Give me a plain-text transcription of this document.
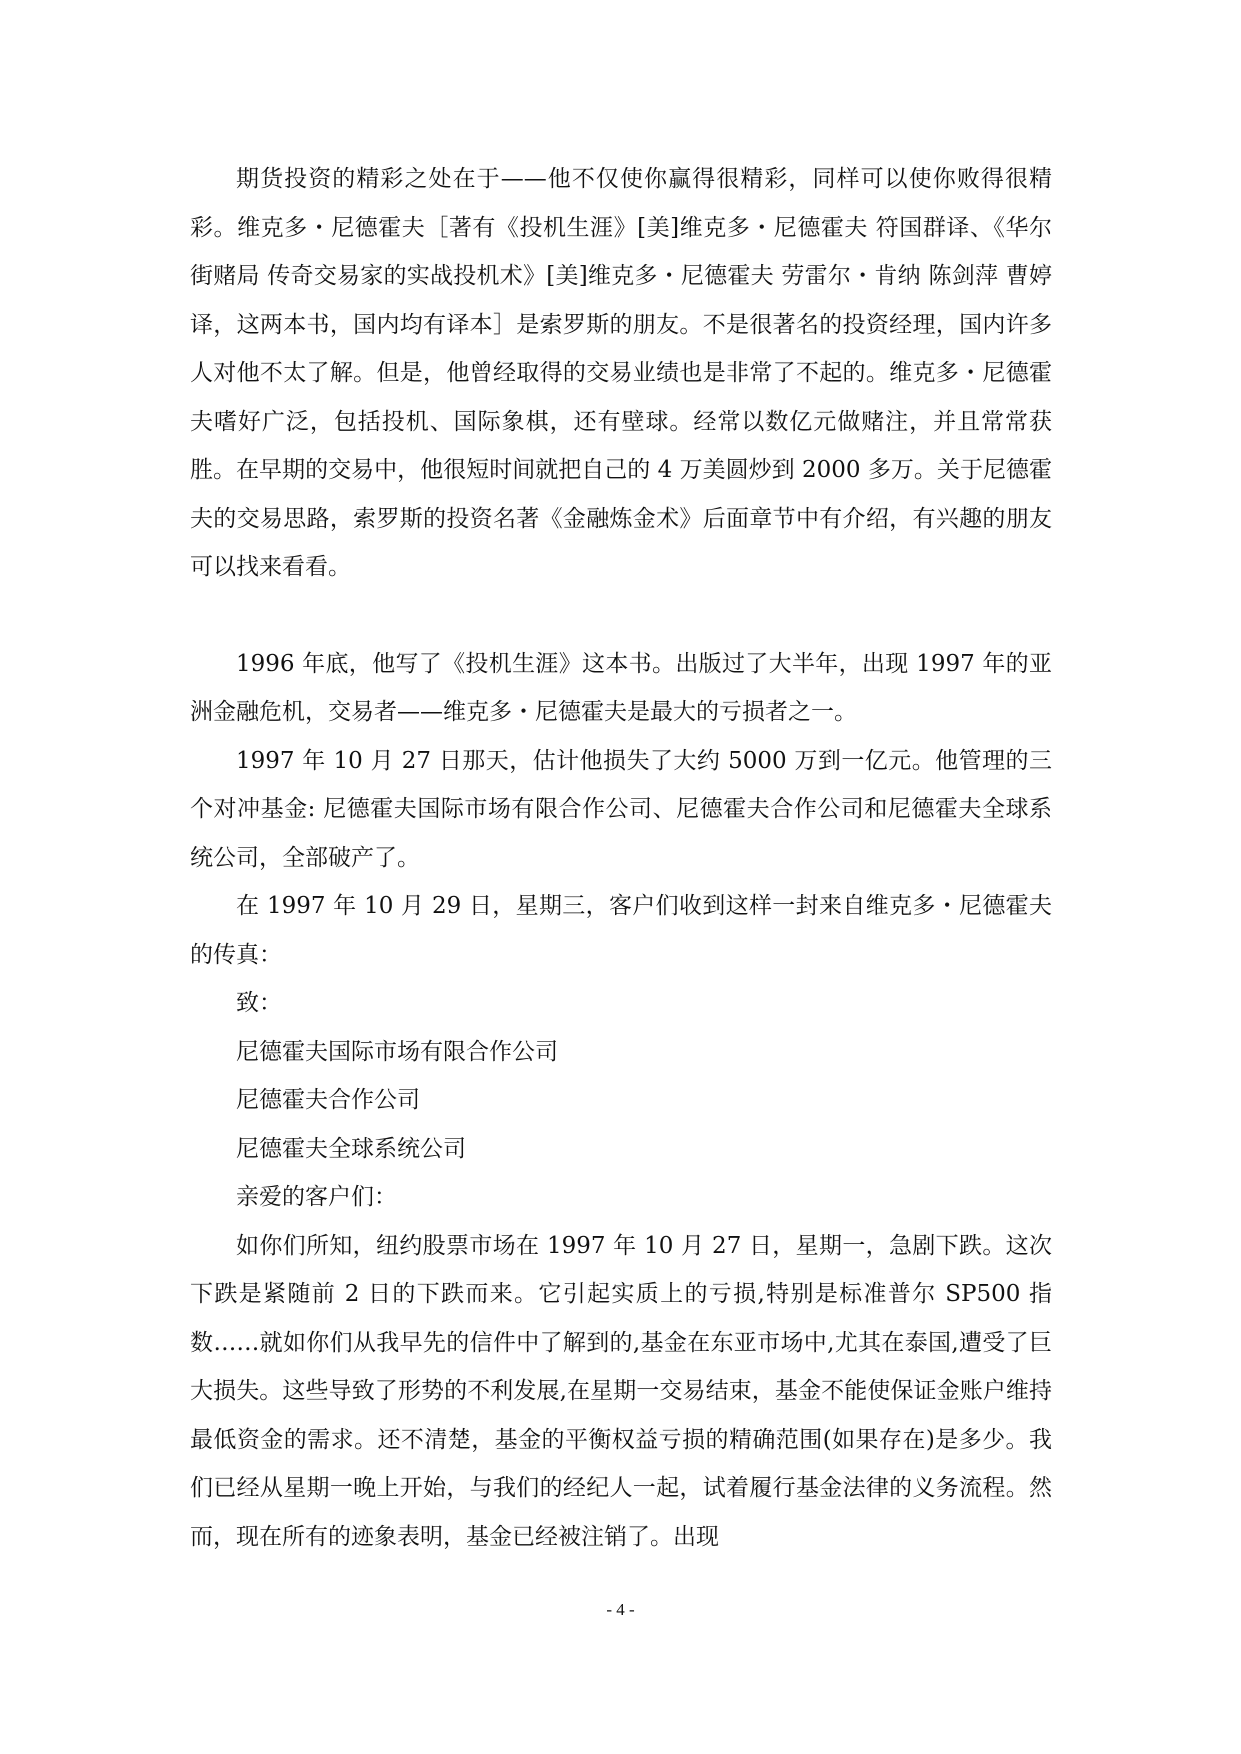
期货投资的精彩之处在于——他不仅使你赢得很精彩，同样可以使你败得很精彩。维克多・尼德霍夫［著有《投机生涯》[美]维克多・尼德霍夫 符国群译、《华尔街赌局 传奇交易家的实战投机术》[美]维克多・尼德霍夫 劳雷尔・肯纳 陈剑萍 曹婷译，这两本书，国内均有译本］是索罗斯的朋友。不是很著名的投资经理，国内许多人对他不太了解。但是，他曾经取得的交易业绩也是非常了不起的。维克多・尼德霍夫嗜好广泛，包括投机、国际象棋，还有壁球。经常以数亿元做赌注，并且常常获胜。在早期的交易中，他很短时间就把自己的 4 万美圆炒到 2000 多万。关于尼德霍夫的交易思路，索罗斯的投资名著《金融炼金术》后面章节中有介绍，有兴趣的朋友可以找来看看。

1996 年底，他写了《投机生涯》这本书。出版过了大半年，出现 1997 年的亚洲金融危机，交易者——维克多・尼德霍夫是最大的亏损者之一。

1997 年 10 月 27 日那天，估计他损失了大约 5000 万到一亿元。他管理的三个对冲基金: 尼德霍夫国际市场有限合作公司、尼德霍夫合作公司和尼德霍夫全球系统公司，全部破产了。

在 1997 年 10 月 29 日，星期三，客户们收到这样一封来自维克多・尼德霍夫的传真：

致：

尼德霍夫国际市场有限合作公司

尼德霍夫合作公司

尼德霍夫全球系统公司

亲爱的客户们：

如你们所知，纽约股票市场在 1997 年 10 月 27 日，星期一，急剧下跌。这次下跌是紧随前 2 日的下跌而来。它引起实质上的亏损,特别是标准普尔 SP500 指数……就如你们从我早先的信件中了解到的,基金在东亚市场中,尤其在泰国,遭受了巨大损失。这些导致了形势的不利发展,在星期一交易结束，基金不能使保证金账户维持最低资金的需求。还不清楚，基金的平衡权益亏损的精确范围(如果存在)是多少。我们已经从星期一晚上开始，与我们的经纪人一起，试着履行基金法律的义务流程。然而，现在所有的迹象表明，基金已经被注销了。出现

- 4 -
